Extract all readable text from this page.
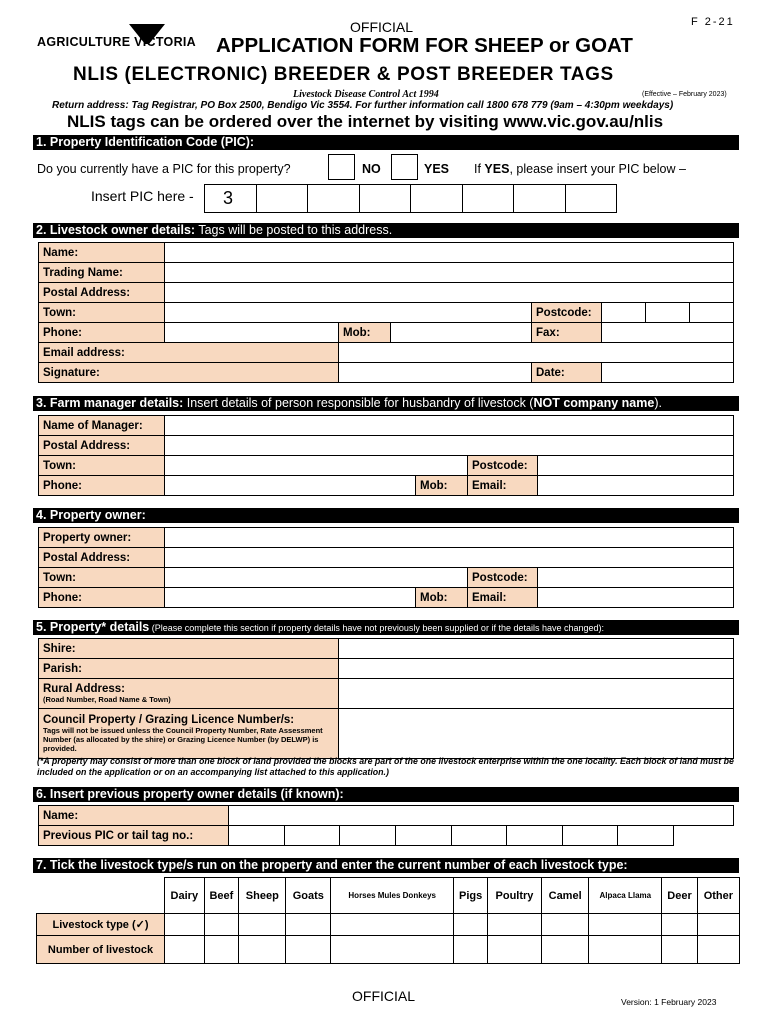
OFFICIAL	F 2-21
AGRICULTURE VICTORIA APPLICATION FORM FOR SHEEP or GOAT
NLIS (ELECTRONIC) BREEDER & POST BREEDER TAGS
Livestock Disease Control Act 1994	(Effective – February 2023)
Return address: Tag Registrar, PO Box 2500, Bendigo Vic 3554. For further information call 1800 678 779 (9am – 4:30pm weekdays)
NLIS tags can be ordered over the internet by visiting www.vic.gov.au/nlis
1. Property Identification Code (PIC):
Do you currently have a PIC for this property?	NO	YES If YES, please insert your PIC below –
Insert PIC here - 3							
2. Livestock owner details: Tags will be posted to this address.
Name:							
Trading Name:							
Postal Address:							
Town:				Postcode:			
Phone:		Mob:		Fax:			
Email address:							
Signature:				Date:			
3. Farm manager details: Insert details of person responsible for husbandry of livestock (NOT company name).
Name of Manager:				
Postal Address:				
Town:			Postcode:	
Phone:		Mob:	Email:	
4. Property owner:
Property owner:				
Postal Address:				
Town:			Postcode:	
Phone:		Mob:	Email:	
5. Property* details (Please complete this section if property details have not previously been supplied or if the details have changed):
Shire:	
Parish:	

Rural Address:
(Road Number, Road Name & Town)	

Council Property / Grazing Licence Number/s:
Tags will not be issued unless the Council Property Number, Rate Assessment Number (as allocated by the shire) or Grazing Licence Number (by DELWP) is provided.	

(*A property may consist of more than one block of land provided the blocks are part of the one livestock enterprise within the one locality. Each block of land must be included on the application or on an accompanying list attached to this application.)
6. Insert previous property owner details (if known):
Name:									
Previous PIC or tail tag no.:									
7. Tick the livestock type/s run on the property and enter the current number of each livestock type:
	Dairy	Beef	Sheep	Goats	Horses Mules Donkeys	Pigs	Poultry	Camel	Alpaca Llama	Deer	Other
Livestock type (✓)											
Number of livestock											
OFFICIAL	Version: 1 February 2023
